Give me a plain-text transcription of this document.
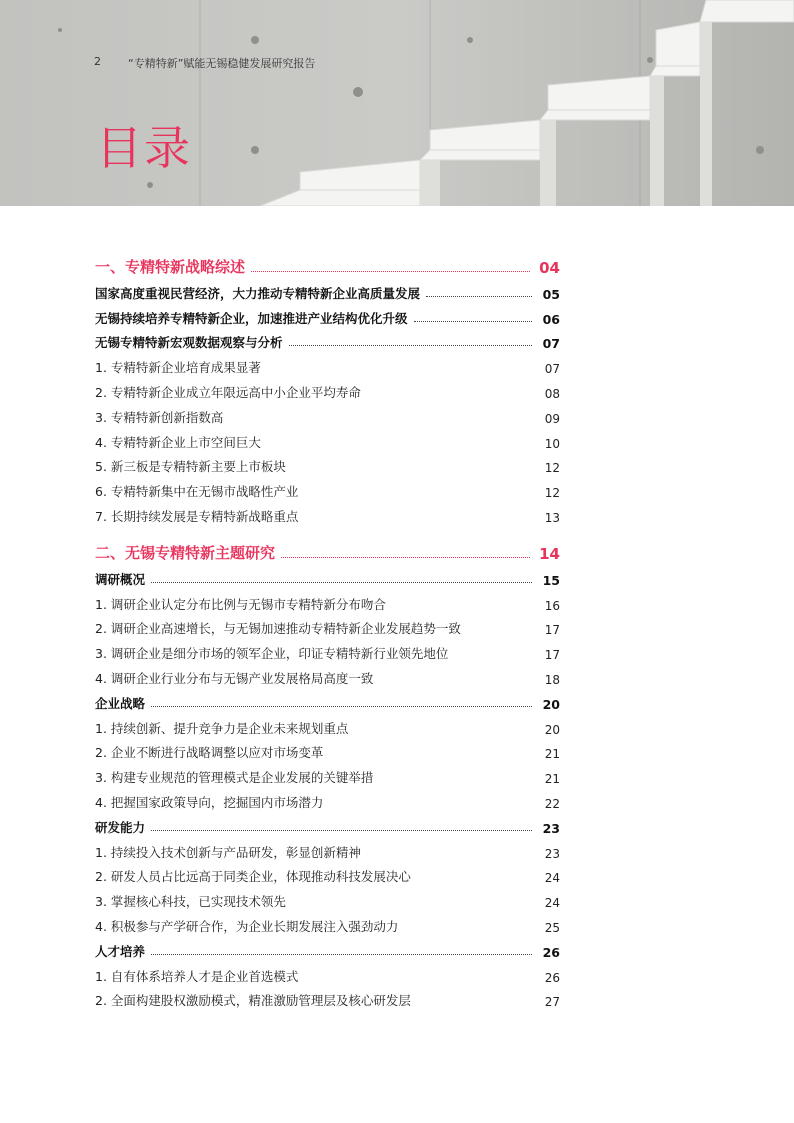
2 “专精特新”赋能无锡稳健发展研究报告
目录
一、专精特新战略综述	04
国家高度重视民营经济，大力推动专精特新企业高质量发展	05
无锡持续培养专精特新企业，加速推进产业结构优化升级	06
无锡专精特新宏观数据观察与分析	07
1. 专精特新企业培育成果显著	07
2. 专精特新企业成立年限远高中小企业平均寿命	08
3. 专精特新创新指数高	09
4. 专精特新企业上市空间巨大	10
5. 新三板是专精特新主要上市板块	12
6. 专精特新集中在无锡市战略性产业	12
7. 长期持续发展是专精特新战略重点	13
二、无锡专精特新主题研究	14
调研概况	15
1. 调研企业认定分布比例与无锡市专精特新分布吻合	16
2. 调研企业高速增长，与无锡加速推动专精特新企业发展趋势一致	17
3. 调研企业是细分市场的领军企业，印证专精特新行业领先地位	17
4. 调研企业行业分布与无锡产业发展格局高度一致	18
企业战略	20
1. 持续创新、提升竞争力是企业未来规划重点	20
2. 企业不断进行战略调整以应对市场变革	21
3. 构建专业规范的管理模式是企业发展的关键举措	21
4. 把握国家政策导向，挖掘国内市场潜力	22
研发能力	23
1. 持续投入技术创新与产品研发，彰显创新精神	23
2. 研发人员占比远高于同类企业，体现推动科技发展决心	24
3. 掌握核心科技，已实现技术领先	24
4. 积极参与产学研合作，为企业长期发展注入强劲动力	25
人才培养	26
1. 自有体系培养人才是企业首选模式	26
2. 全面构建股权激励模式，精准激励管理层及核心研发层	27
